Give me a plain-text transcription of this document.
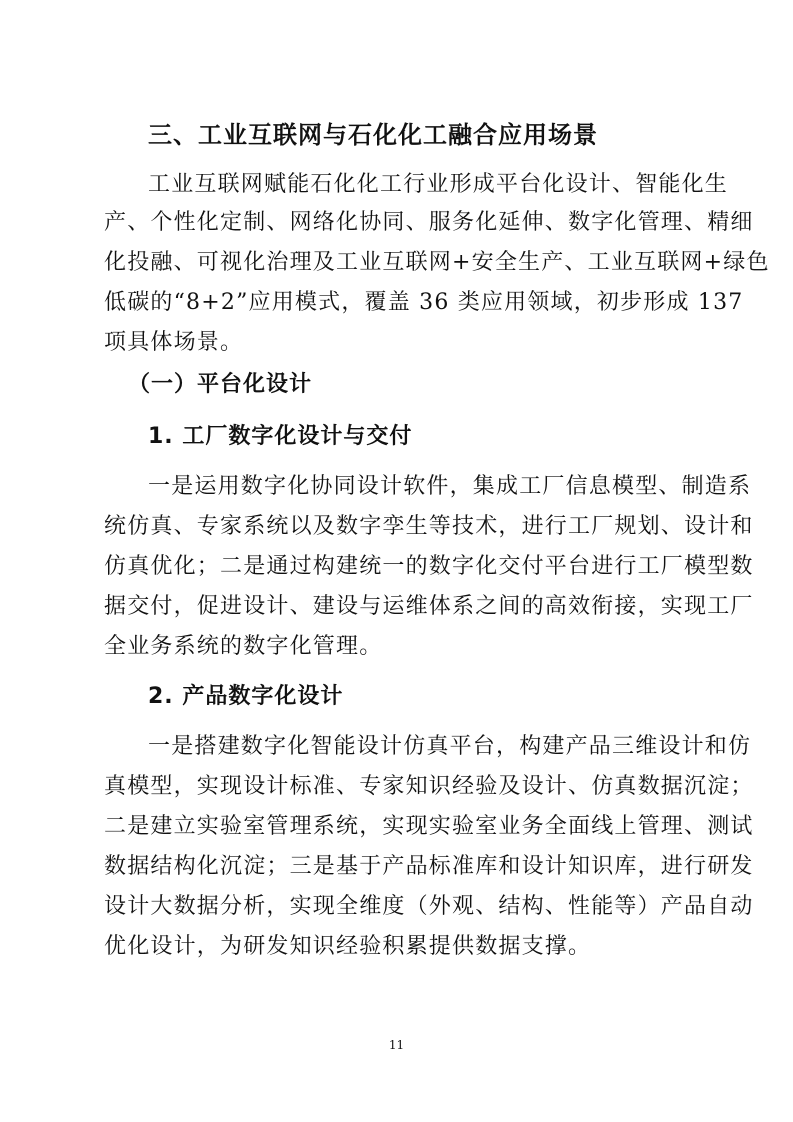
三、工业互联网与石化化工融合应用场景
工业互联网赋能石化化工行业形成平台化设计、智能化生
产、个性化定制、网络化协同、服务化延伸、数字化管理、精细
化投融、可视化治理及工业互联网+安全生产、工业互联网+绿色
低碳的“8+2”应用模式，覆盖 36 类应用领域，初步形成 137
项具体场景。
（一）平台化设计
1. 工厂数字化设计与交付
一是运用数字化协同设计软件，集成工厂信息模型、制造系
统仿真、专家系统以及数字孪生等技术，进行工厂规划、设计和
仿真优化；二是通过构建统一的数字化交付平台进行工厂模型数
据交付，促进设计、建设与运维体系之间的高效衔接，实现工厂
全业务系统的数字化管理。
2. 产品数字化设计
一是搭建数字化智能设计仿真平台，构建产品三维设计和仿
真模型，实现设计标准、专家知识经验及设计、仿真数据沉淀；
二是建立实验室管理系统，实现实验室业务全面线上管理、测试
数据结构化沉淀；三是基于产品标准库和设计知识库，进行研发
设计大数据分析，实现全维度（外观、结构、性能等）产品自动
优化设计，为研发知识经验积累提供数据支撑。
11
